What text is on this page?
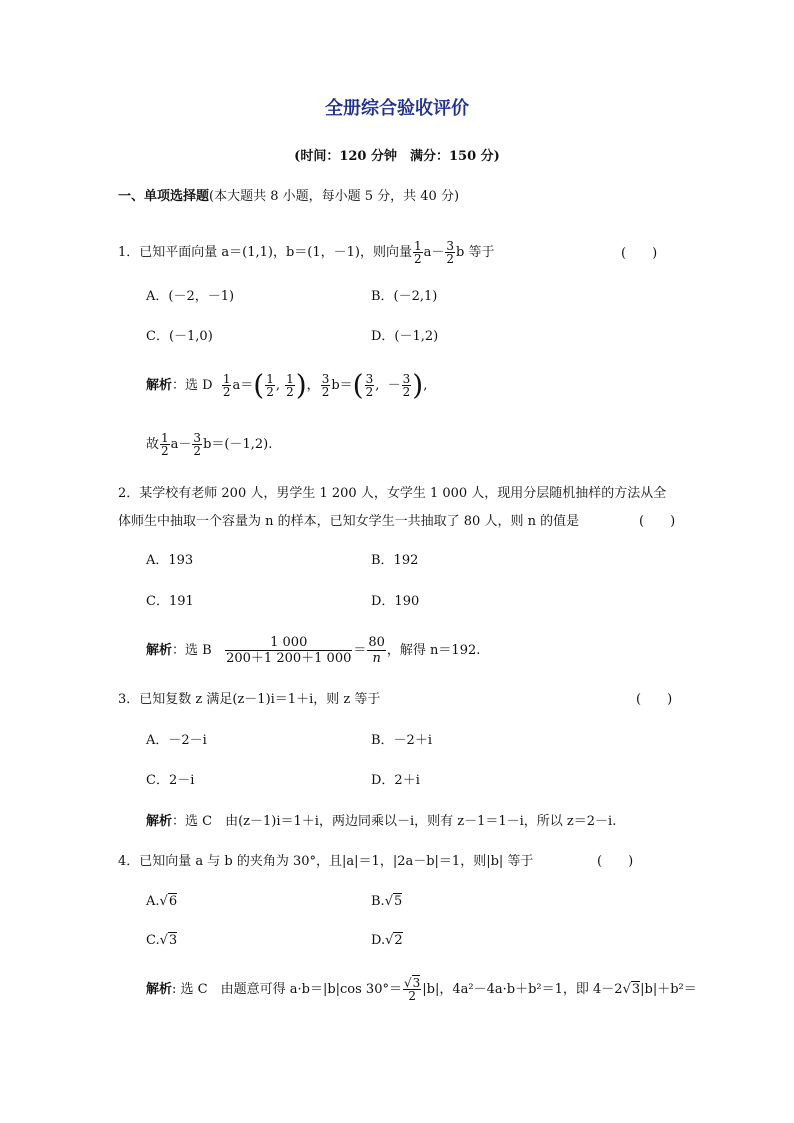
全册综合验收评价
(时间：120 分钟　满分：150 分)
一、单项选择题(本大题共 8 小题，每小题 5 分，共 40 分)
1．已知平面向量 a＝(1,1)，b＝(1，－1)，则向量 $\frac{1}{2} a- \frac{3}{2}$ b 等于	(　　)
A．(－2，－1)	B．(－2,1)
C．(－1,0)	D．(－1,2)
解析：选 D $\frac{1}{2} a=( \frac{1}{2}$ , $\frac{1}{2}$ )， $\frac{3}{2} b=( \frac{3}{2}$ ,  － $\frac{3}{2}$ ),
故 $\frac{1}{2} a- \frac{3}{2} b=(-1,2)$.
2．某学校有老师 200 人，男学生 1 200 人，女学生 1 000 人，现用分层随机抽样的方法从全
体师生中抽取一个容量为 n 的样本，已知女学生一共抽取了 80 人，则 n 的值是	(　　)
A．193	B．192
C．191	D．190
解析：选 B $\frac{1 000}{200+1 200+1 000} = \frac{80}{n}$ ，解得 n＝192.
3．已知复数 z 满足(z－1)i＝1＋i，则 z 等于	(　　)
A．－2－i	B．－2＋i
C．2－i	D．2＋i
解析：选 C　由(z－1)i＝1＋i，两边同乘以－i，则有 z－1＝1－i，所以 z＝2－i.
4．已知向量 a 与 b 的夹角为 30°，且|a|＝1，|2a－b|＝1，则|b| 等于	(　　)
A.√6	B.√5
C.√3	D.√2
解析: 选 C　由题意可得 a·b＝|b|cos $30^\circ= \frac{√3}{2} |b|$，4a²－4a·b＋b²＝1，即 4－2√3|b|＋b²＝
